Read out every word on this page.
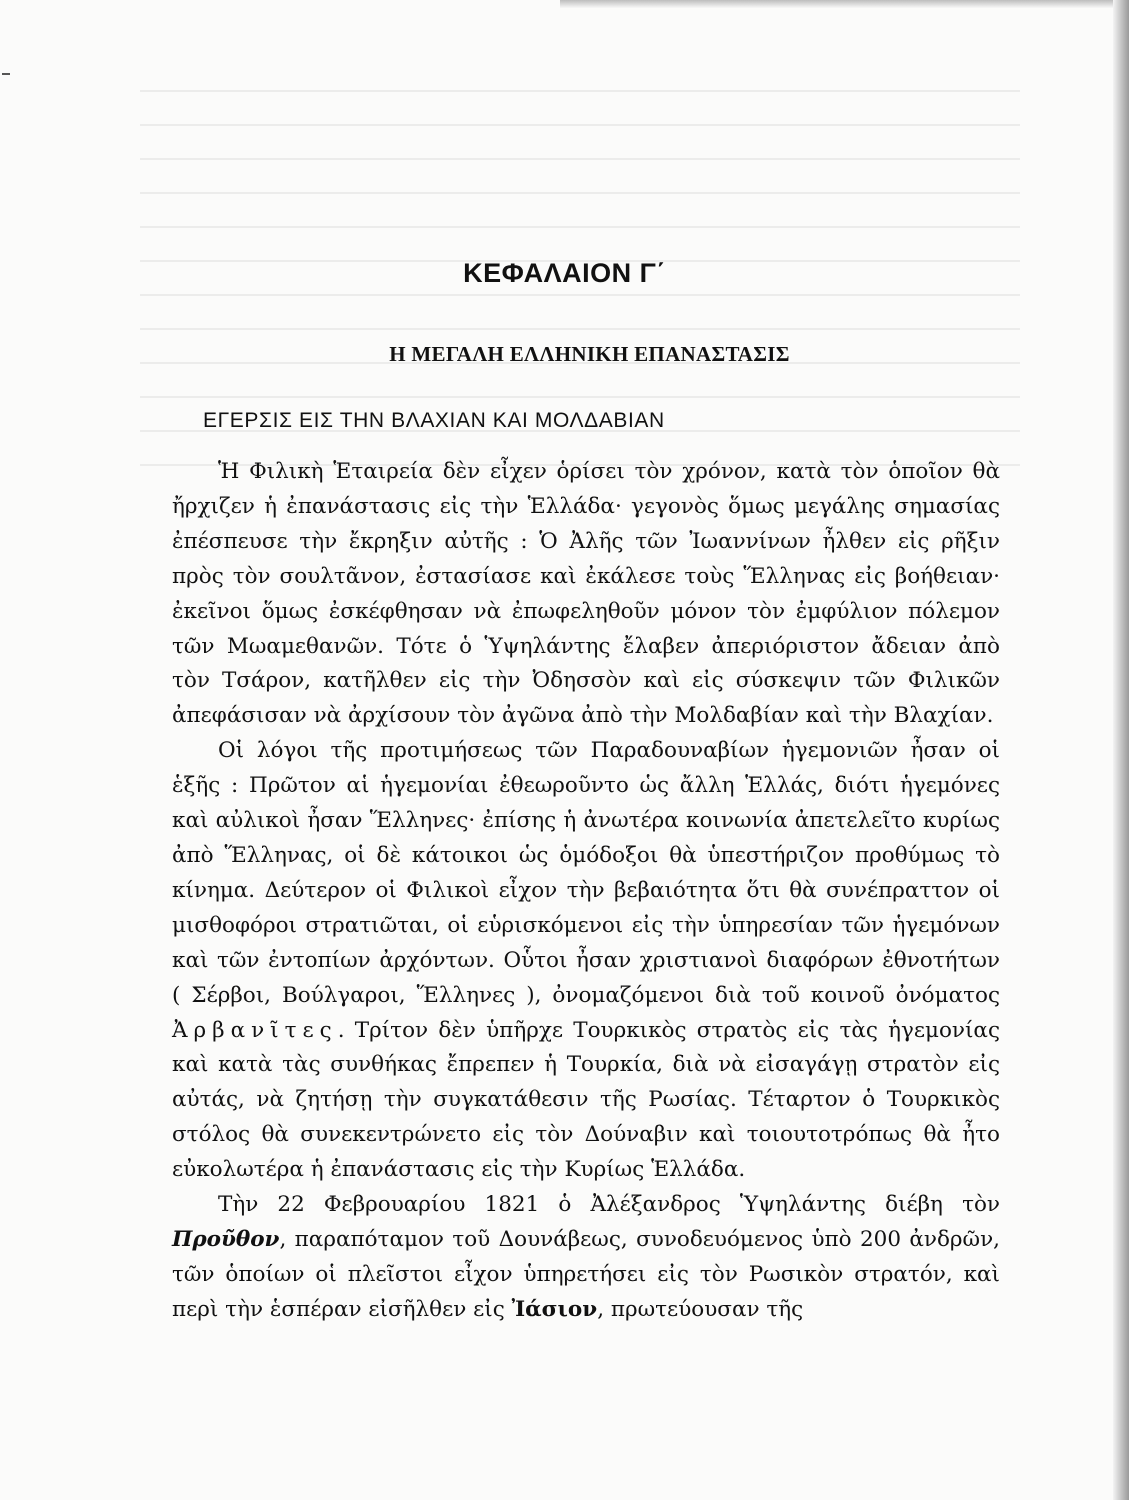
ΚΕΦΑΛΑΙΟΝ Γ΄
Η ΜΕΓΑΛΗ ΕΛΛΗΝΙΚΗ ΕΠΑΝΑΣΤΑΣΙΣ
ΕΓΕΡΣΙΣ ΕΙΣ ΤΗΝ ΒΛΑΧΙΑΝ ΚΑΙ ΜΟΛΔΑΒΙΑΝ

Ἡ Φιλικὴ Ἑταιρεία δὲν εἶχεν ὁρίσει τὸν χρόνον, κατὰ τὸν ὁποῖον θὰ ἤρχιζεν ἡ ἐπανάστασις εἰς τὴν Ἑλλάδα· γεγονὸς ὅμως μεγάλης σημασίας ἐπέσπευσε τὴν ἔκρηξιν αὐτῆς : Ὁ Ἀλῆς τῶν Ἰωαννίνων ἦλθεν εἰς ρῆξιν πρὸς τὸν σουλτᾶνον, ἐστασίασε καὶ ἐκάλεσε τοὺς Ἕλληνας εἰς βοήθειαν· ἐκεῖνοι ὅμως ἐσκέφθησαν νὰ ἐπωφεληθοῦν μόνον τὸν ἐμφύλιον πόλεμον τῶν Μωαμεθανῶν. Τότε ὁ Ὑψηλάντης ἔλαβεν ἀπεριόριστον ἄδειαν ἀπὸ τὸν Τσάρον, κατῆλθεν εἰς τὴν Ὀδησσὸν καὶ εἰς σύσκεψιν τῶν Φιλικῶν ἀπεφάσισαν νὰ ἀρχίσουν τὸν ἀγῶνα ἀπὸ τὴν Μολδαβίαν καὶ τὴν Βλαχίαν.

Οἱ λόγοι τῆς προτιμήσεως τῶν Παραδουναβίων ἡγεμονιῶν ἦσαν οἱ ἑξῆς : Πρῶτον αἱ ἡγεμονίαι ἐθεωροῦντο ὡς ἄλλη Ἑλλάς, διότι ἡγεμόνες καὶ αὐλικοὶ ἦσαν Ἕλληνες· ἐπίσης ἡ ἀνωτέρα κοινωνία ἀπετελεῖτο κυρίως ἀπὸ Ἕλληνας, οἱ δὲ κάτοικοι ὡς ὁμόδοξοι θὰ ὑπεστήριζον προθύμως τὸ κίνημα. Δεύτερον οἱ Φιλικοὶ εἶχον τὴν βεβαιότητα ὅτι θὰ συνέπραττον οἱ μισθοφόροι στρατιῶται, οἱ εὑρισκόμενοι εἰς τὴν ὑπηρεσίαν τῶν ἡγεμόνων καὶ τῶν ἐντοπίων ἀρχόντων. Οὗτοι ἦσαν χριστιανοὶ διαφόρων ἐθνοτήτων ( Σέρβοι, Βούλγαροι, Ἕλληνες ), ὀνομαζόμενοι διὰ τοῦ κοινοῦ ὀνόματος Ἀρβανῖτες. Τρίτον δὲν ὑπῆρχε Τουρκικὸς στρατὸς εἰς τὰς ἡγεμονίας καὶ κατὰ τὰς συνθήκας ἔπρεπεν ἡ Τουρκία, διὰ νὰ εἰσαγάγῃ στρατὸν εἰς αὐτάς, νὰ ζητήσῃ τὴν συγκατάθεσιν τῆς Ρωσίας. Τέταρτον ὁ Τουρκικὸς στόλος θὰ συνεκεντρώνετο εἰς τὸν Δούναβιν καὶ τοιουτοτρόπως θὰ ἦτο εὐκολωτέρα ἡ ἐπανάστασις εἰς τὴν Κυρίως Ἑλλάδα.

Τὴν 22 Φεβρουαρίου 1821 ὁ Ἀλέξανδρος Ὑψηλάντης διέβη τὸν Προῦθον, παραπόταμον τοῦ Δουνάβεως, συνοδευόμενος ὑπὸ 200 ἀνδρῶν, τῶν ὁποίων οἱ πλεῖστοι εἶχον ὑπηρετήσει εἰς τὸν Ρωσικὸν στρατόν, καὶ περὶ τὴν ἑσπέραν εἰσῆλθεν εἰς Ἰάσιον, πρωτεύουσαν τῆς
